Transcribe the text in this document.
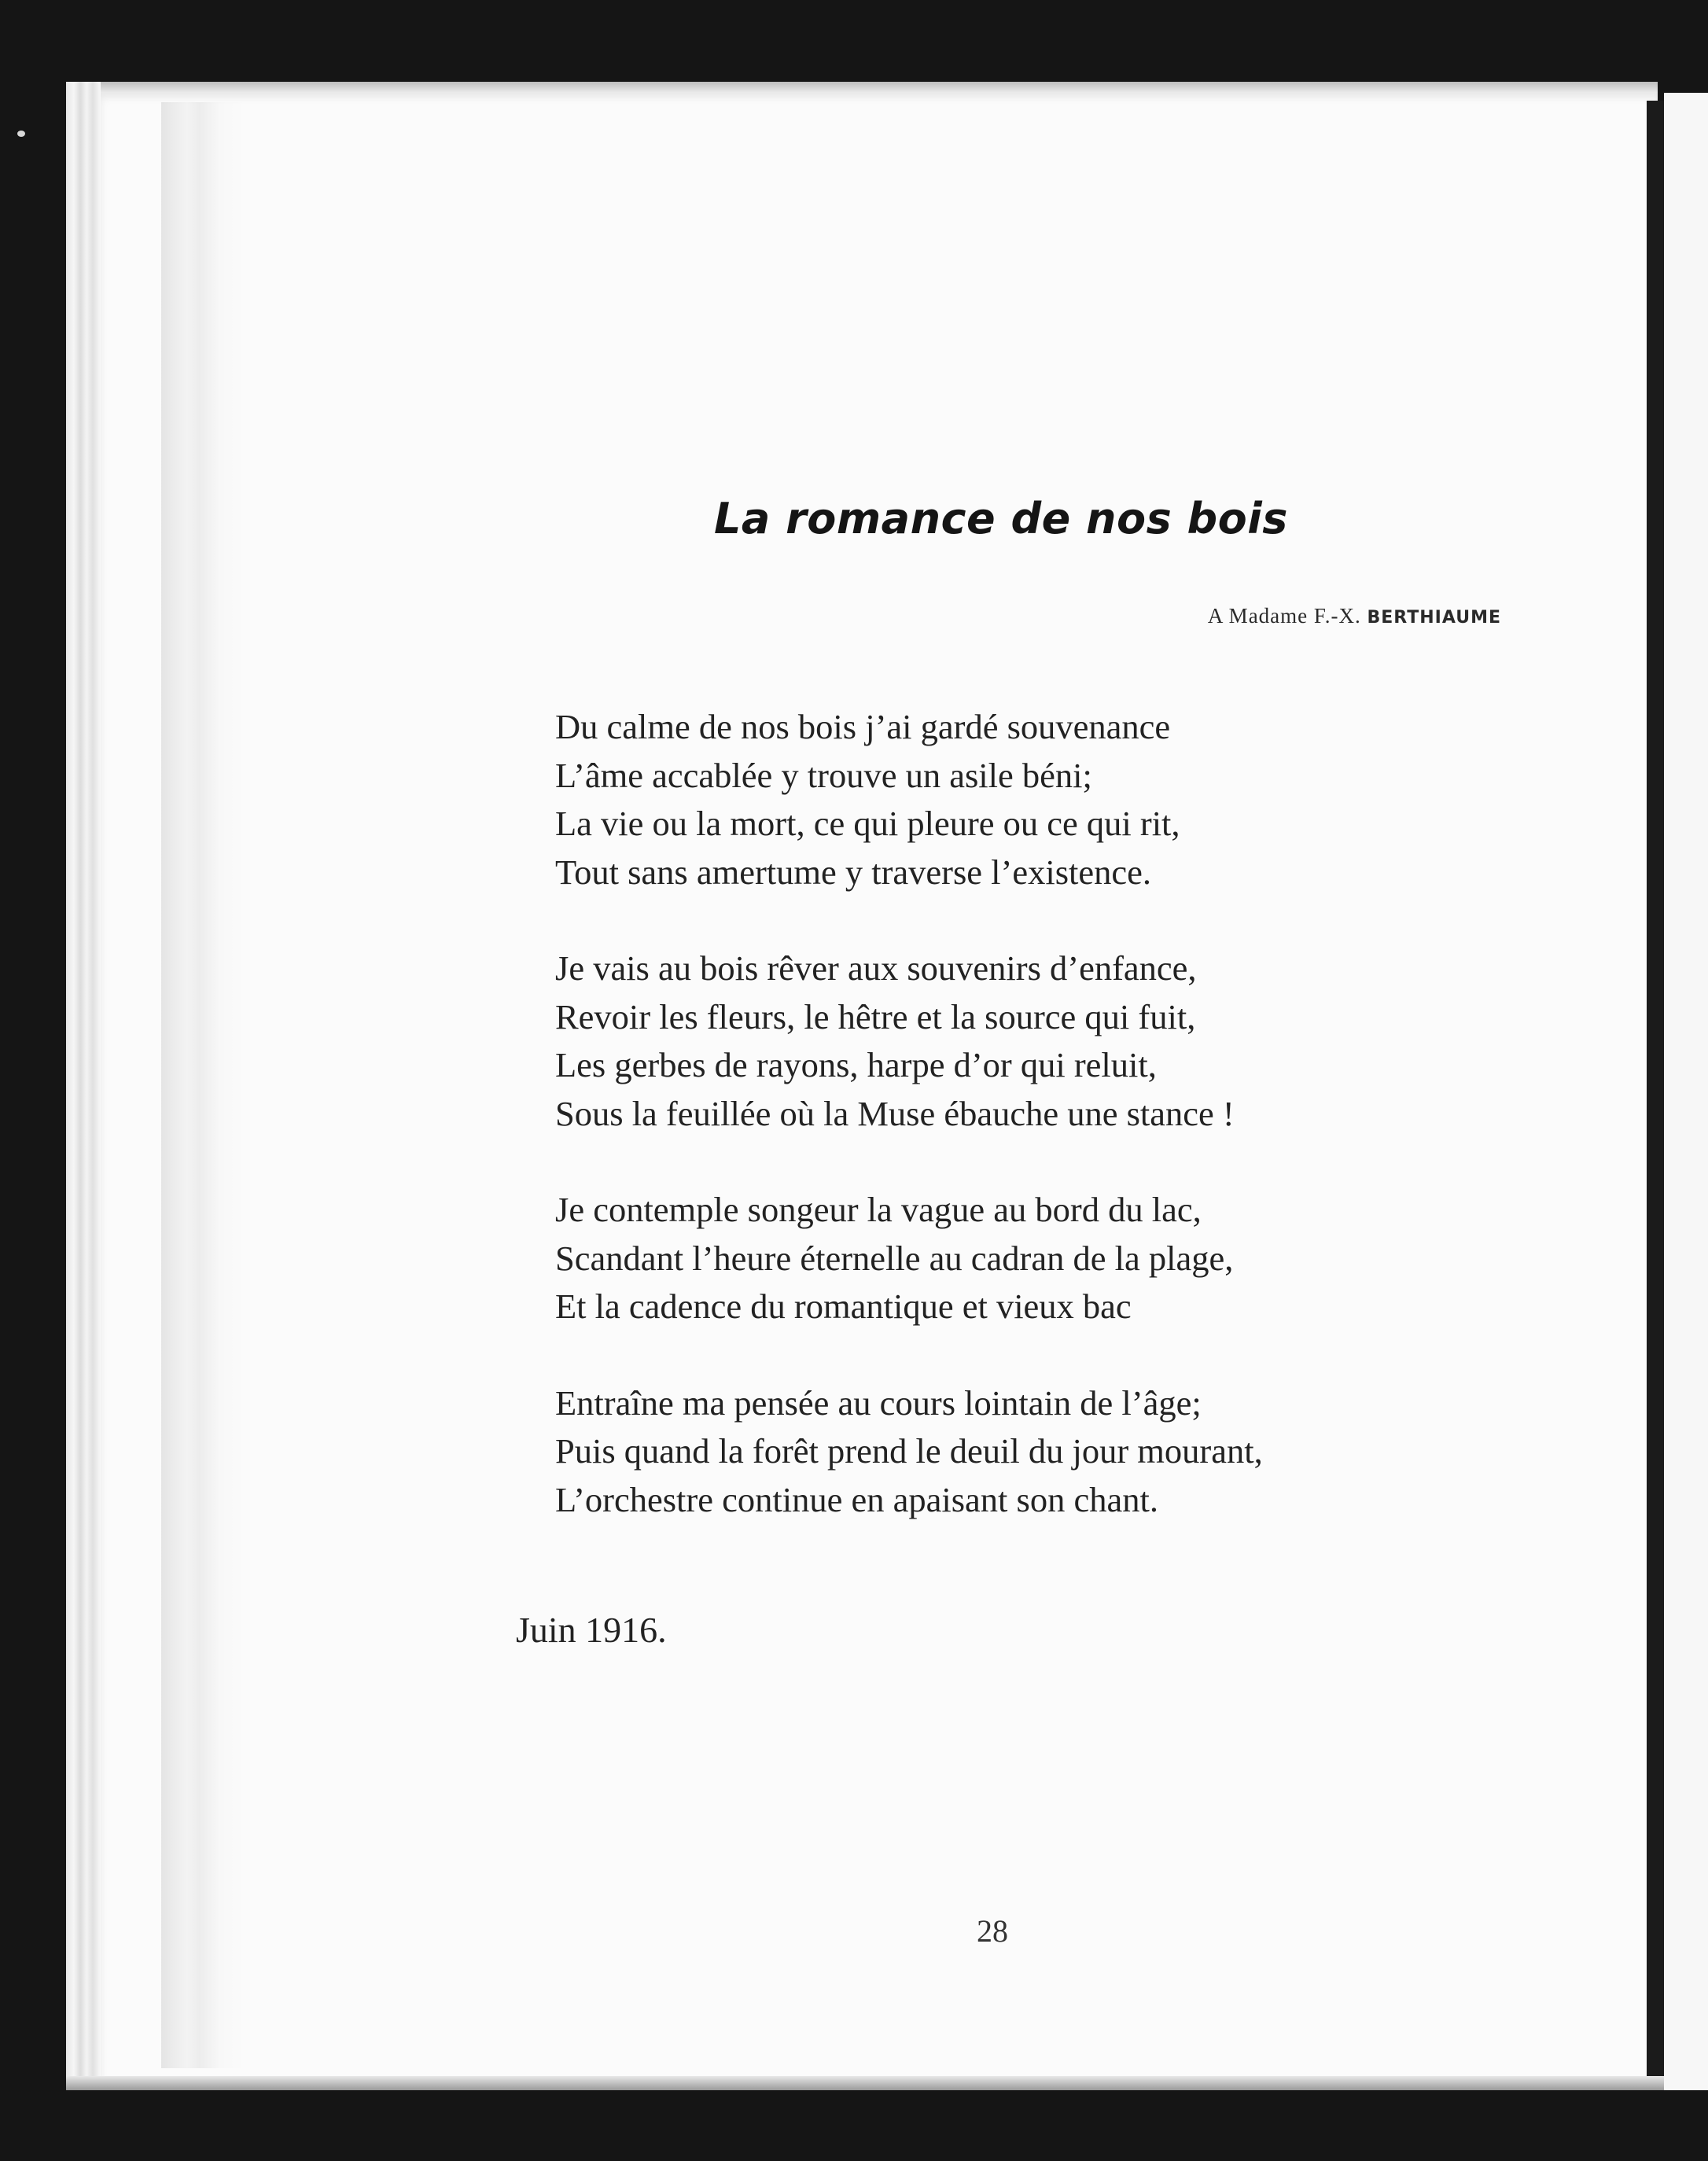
La romance de nos bois
A Madame F.-X. BERTHIAUME
Du calme de nos bois j’ai gardé souvenance
L’âme accablée y trouve un asile béni;
La vie ou la mort, ce qui pleure ou ce qui rit,
Tout sans amertume y traverse l’existence.
Je vais au bois rêver aux souvenirs d’enfance,
Revoir les fleurs, le hêtre et la source qui fuit,
Les gerbes de rayons, harpe d’or qui reluit,
Sous la feuillée où la Muse ébauche une stance !
Je contemple songeur la vague au bord du lac,
Scandant l’heure éternelle au cadran de la plage,
Et la cadence du romantique et vieux bac
Entraîne ma pensée au cours lointain de l’âge;
Puis quand la forêt prend le deuil du jour mourant,
L’orchestre continue en apaisant son chant.
Juin 1916.
28
